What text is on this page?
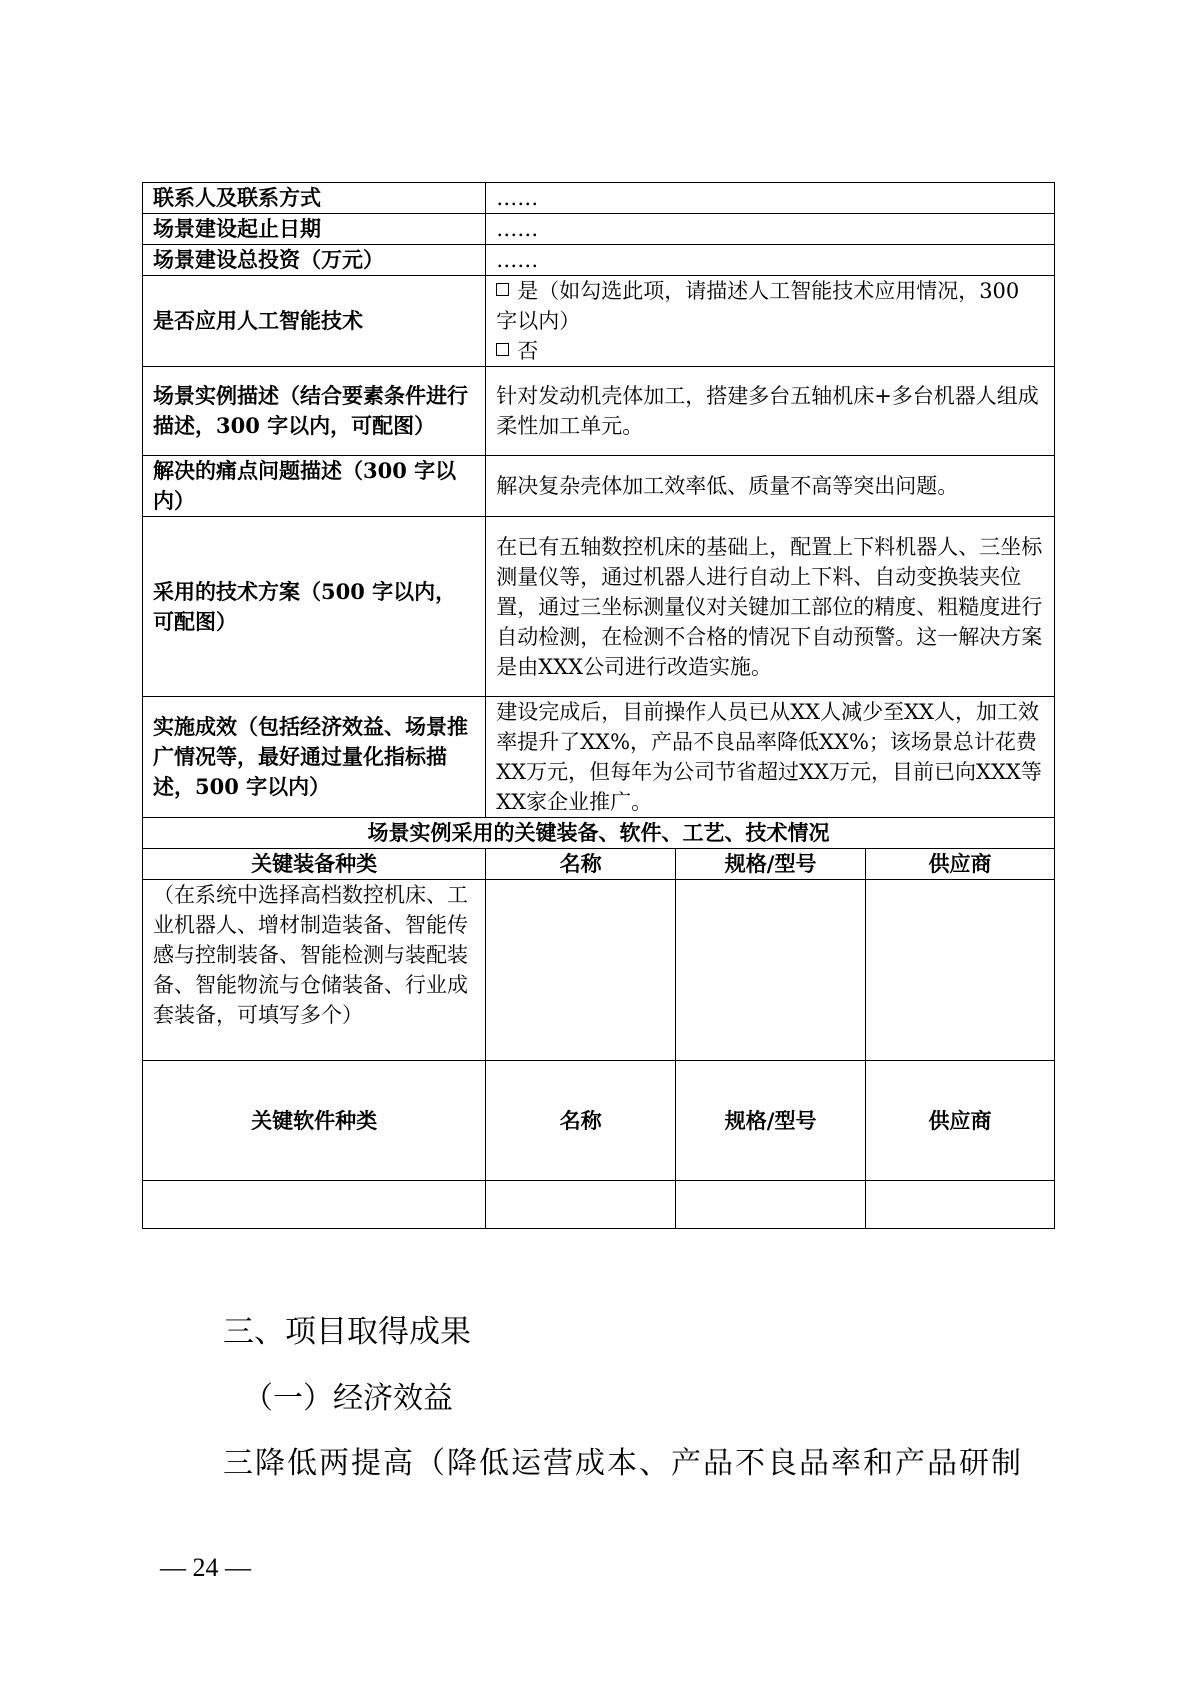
联系人及联系方式	……		
场景建设起止日期	……		
场景建设总投资（万元）	……		
是否应用人工智能技术	是（如勾选此项，请描述人工智能技术应用情况，300 字以内）
否		

场景实例描述（结合要素条件进行描述，300 字以内，可配图）	针对发动机壳体加工，搭建多台五轴机床+多台机器人组成柔性加工单元。		
解决的痛点问题描述（300 字以内）	解决复杂壳体加工效率低、质量不高等突出问题。		
采用的技术方案（500 字以内，可配图）	在已有五轴数控机床的基础上，配置上下料机器人、三坐标测量仪等，通过机器人进行自动上下料、自动变换装夹位置，通过三坐标测量仪对关键加工部位的精度、粗糙度进行自动检测，在检测不合格的情况下自动预警。这一解决方案是由XXX公司进行改造实施。		
实施成效（包括经济效益、场景推广情况等，最好通过量化指标描述，500 字以内）	建设完成后，目前操作人员已从XX人减少至XX人，加工效率提升了XX%，产品不良品率降低XX%；该场景总计花费XX万元，但每年为公司节省超过XX万元，目前已向XXX等XX家企业推广。		
场景实例采用的关键装备、软件、工艺、技术情况			
关键装备种类	名称	规格/型号	供应商
（在系统中选择高档数控机床、工业机器人、增材制造装备、智能传感与控制装备、智能检测与装配装备、智能物流与仓储装备、行业成套装备，可填写多个）			
关键软件种类	名称	规格/型号	供应商

三、项目取得成果
（一）经济效益
三降低两提高（降低运营成本、产品不良品率和产品研制
— 24 —
